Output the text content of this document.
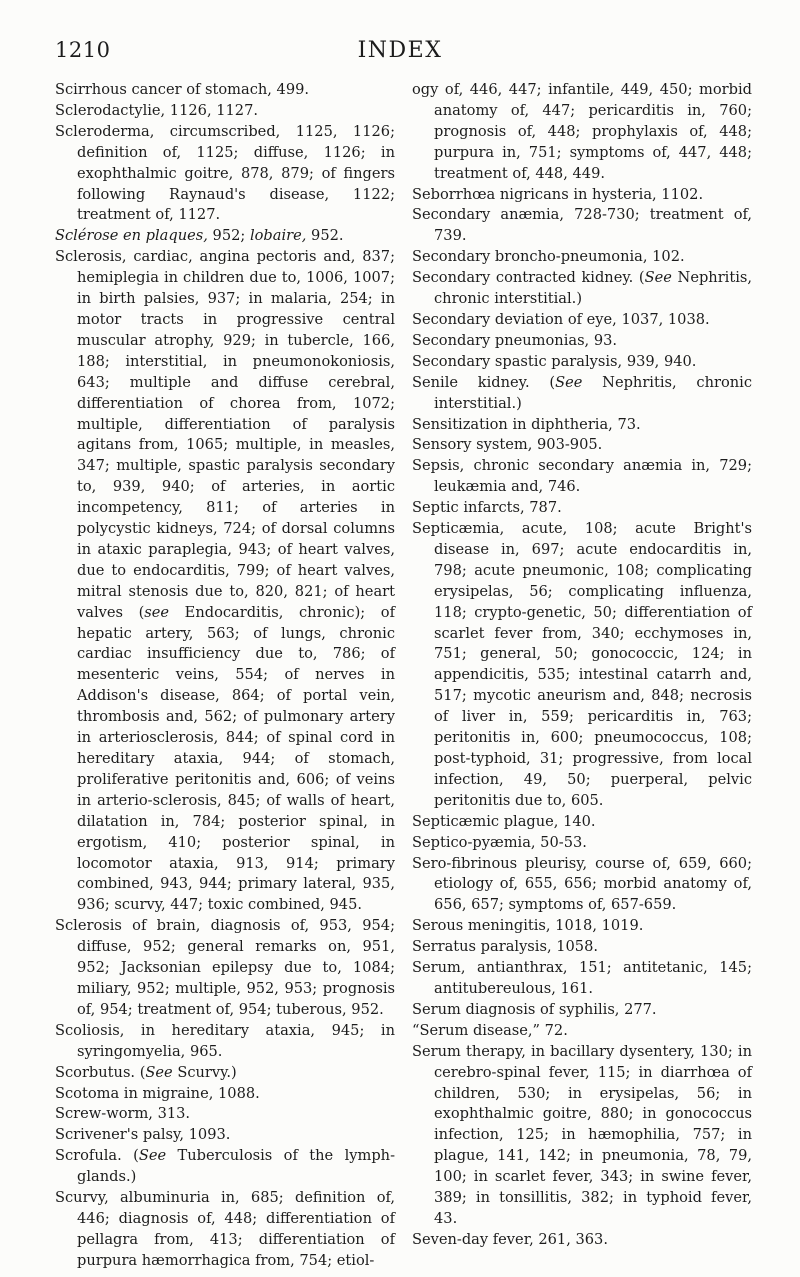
1210	INDEX

Scirrhous cancer of stomach, 499.

Sclerodactylie, 1126, 1127.

Scleroderma, circumscribed, 1125, 1126; definition of, 1125; diffuse, 1126; in exophthalmic goitre, 878, 879; of fingers following Raynaud's disease, 1122; treatment of, 1127.

Sclérose en plaques, 952; lobaire, 952.

Sclerosis, cardiac, angina pectoris and, 837; hemiplegia in children due to, 1006, 1007; in birth palsies, 937; in malaria, 254; in motor tracts in progressive central muscular atrophy, 929; in tubercle, 166, 188; interstitial, in pneumonokoniosis, 643; multiple and diffuse cerebral, differentiation of chorea from, 1072; multiple, differentiation of paralysis agitans from, 1065; multiple, in measles, 347; multiple, spastic paralysis secondary to, 939, 940; of arteries, in aortic incompetency, 811; of arteries in polycystic kidneys, 724; of dorsal columns in ataxic paraplegia, 943; of heart valves, due to endocarditis, 799; of heart valves, mitral stenosis due to, 820, 821; of heart valves (see Endocarditis, chronic); of hepatic artery, 563; of lungs, chronic cardiac insufficiency due to, 786; of mesenteric veins, 554; of nerves in Addison's disease, 864; of portal vein, thrombosis and, 562; of pulmonary artery in arteriosclerosis, 844; of spinal cord in hereditary ataxia, 944; of stomach, proliferative peritonitis and, 606; of veins in arterio-sclerosis, 845; of walls of heart, dilatation in, 784; posterior spinal, in ergotism, 410; posterior spinal, in locomotor ataxia, 913, 914; primary combined, 943, 944; primary lateral, 935, 936; scurvy, 447; toxic combined, 945.

Sclerosis of brain, diagnosis of, 953, 954; diffuse, 952; general remarks on, 951, 952; Jacksonian epilepsy due to, 1084; miliary, 952; multiple, 952, 953; prognosis of, 954; treatment of, 954; tuberous, 952.

Scoliosis, in hereditary ataxia, 945; in syringomyelia, 965.

Scorbutus. (See Scurvy.)

Scotoma in migraine, 1088.

Screw-worm, 313.

Scrivener's palsy, 1093.

Scrofula. (See Tuberculosis of the lymph-glands.)

Scurvy, albuminuria in, 685; definition of, 446; diagnosis of, 448; differentiation of pellagra from, 413; differentiation of purpura hæmorrhagica from, 754; etiol-

ogy of, 446, 447; infantile, 449, 450; morbid anatomy of, 447; pericarditis in, 760; prognosis of, 448; prophylaxis of, 448; purpura in, 751; symptoms of, 447, 448; treatment of, 448, 449.

Seborrhœa nigricans in hysteria, 1102.

Secondary anæmia, 728-730; treatment of, 739.

Secondary broncho-pneumonia, 102.

Secondary contracted kidney. (See Nephritis, chronic interstitial.)

Secondary deviation of eye, 1037, 1038.

Secondary pneumonias, 93.

Secondary spastic paralysis, 939, 940.

Senile kidney. (See Nephritis, chronic interstitial.)

Sensitization in diphtheria, 73.

Sensory system, 903-905.

Sepsis, chronic secondary anæmia in, 729; leukæmia and, 746.

Septic infarcts, 787.

Septicæmia, acute, 108; acute Bright's disease in, 697; acute endocarditis in, 798; acute pneumonic, 108; complicating erysipelas, 56; complicating influenza, 118; crypto-genetic, 50; differentiation of scarlet fever from, 340; ecchymoses in, 751; general, 50; gonococcic, 124; in appendicitis, 535; intestinal catarrh and, 517; mycotic aneurism and, 848; necrosis of liver in, 559; pericarditis in, 763; peritonitis in, 600; pneumococcus, 108; post-typhoid, 31; progressive, from local infection, 49, 50; puerperal, pelvic peritonitis due to, 605.

Septicæmic plague, 140.

Septico-pyæmia, 50-53.

Sero-fibrinous pleurisy, course of, 659, 660; etiology of, 655, 656; morbid anatomy of, 656, 657; symptoms of, 657-659.

Serous meningitis, 1018, 1019.

Serratus paralysis, 1058.

Serum, antianthrax, 151; antitetanic, 145; antitubereulous, 161.

Serum diagnosis of syphilis, 277.

“Serum disease,” 72.

Serum therapy, in bacillary dysentery, 130; in cerebro-spinal fever, 115; in diarrhœa of children, 530; in erysipelas, 56; in exophthalmic goitre, 880; in gonococcus infection, 125; in hæmophilia, 757; in plague, 141, 142; in pneumonia, 78, 79, 100; in scarlet fever, 343; in swine fever, 389; in tonsillitis, 382; in typhoid fever, 43.

Seven-day fever, 261, 363.
